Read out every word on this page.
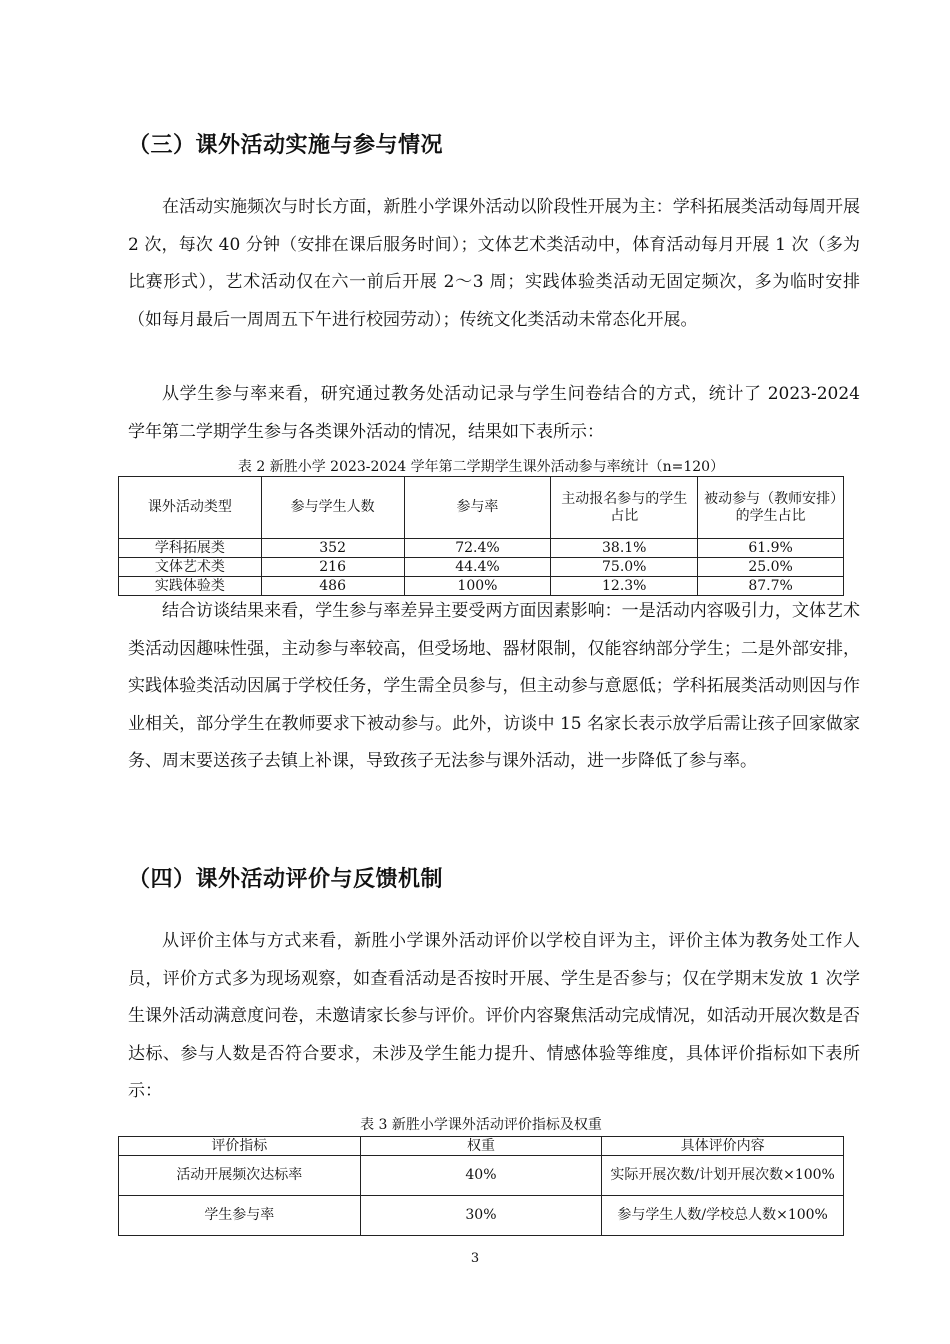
（三）课外活动实施与参与情况
在活动实施频次与时长方面，新胜小学课外活动以阶段性开展为主：学科拓展类活动每周开展 2 次，每次 40 分钟（安排在课后服务时间）；文体艺术类活动中，体育活动每月开展 1 次（多为比赛形式），艺术活动仅在六一前后开展 2～3 周；实践体验类活动无固定频次，多为临时安排（如每月最后一周周五下午进行校园劳动）；传统文化类活动未常态化开展。
从学生参与率来看，研究通过教务处活动记录与学生问卷结合的方式，统计了 2023-2024 学年第二学期学生参与各类课外活动的情况，结果如下表所示：
表 2 新胜小学 2023-2024 学年第二学期学生课外活动参与率统计（n=120）
课外活动类型	参与学生人数	参与率	主动报名参与的学生占比	被动参与（教师安排）的学生占比
学科拓展类	352	72.4%	38.1%	61.9%
文体艺术类	216	44.4%	75.0%	25.0%
实践体验类	486	100%	12.3%	87.7%
结合访谈结果来看，学生参与率差异主要受两方面因素影响：一是活动内容吸引力，文体艺术类活动因趣味性强，主动参与率较高，但受场地、器材限制，仅能容纳部分学生；二是外部安排，实践体验类活动因属于学校任务，学生需全员参与，但主动参与意愿低；学科拓展类活动则因与作业相关，部分学生在教师要求下被动参与。此外，访谈中 15 名家长表示放学后需让孩子回家做家务、周末要送孩子去镇上补课，导致孩子无法参与课外活动，进一步降低了参与率。
（四）课外活动评价与反馈机制
从评价主体与方式来看，新胜小学课外活动评价以学校自评为主，评价主体为教务处工作人员，评价方式多为现场观察，如查看活动是否按时开展、学生是否参与；仅在学期末发放 1 次学生课外活动满意度问卷，未邀请家长参与评价。评价内容聚焦活动完成情况，如活动开展次数是否达标、参与人数是否符合要求，未涉及学生能力提升、情感体验等维度，具体评价指标如下表所示：
表 3 新胜小学课外活动评价指标及权重
评价指标	权重	具体评价内容
活动开展频次达标率	40%	实际开展次数/计划开展次数×100%
学生参与率	30%	参与学生人数/学校总人数×100%
3
